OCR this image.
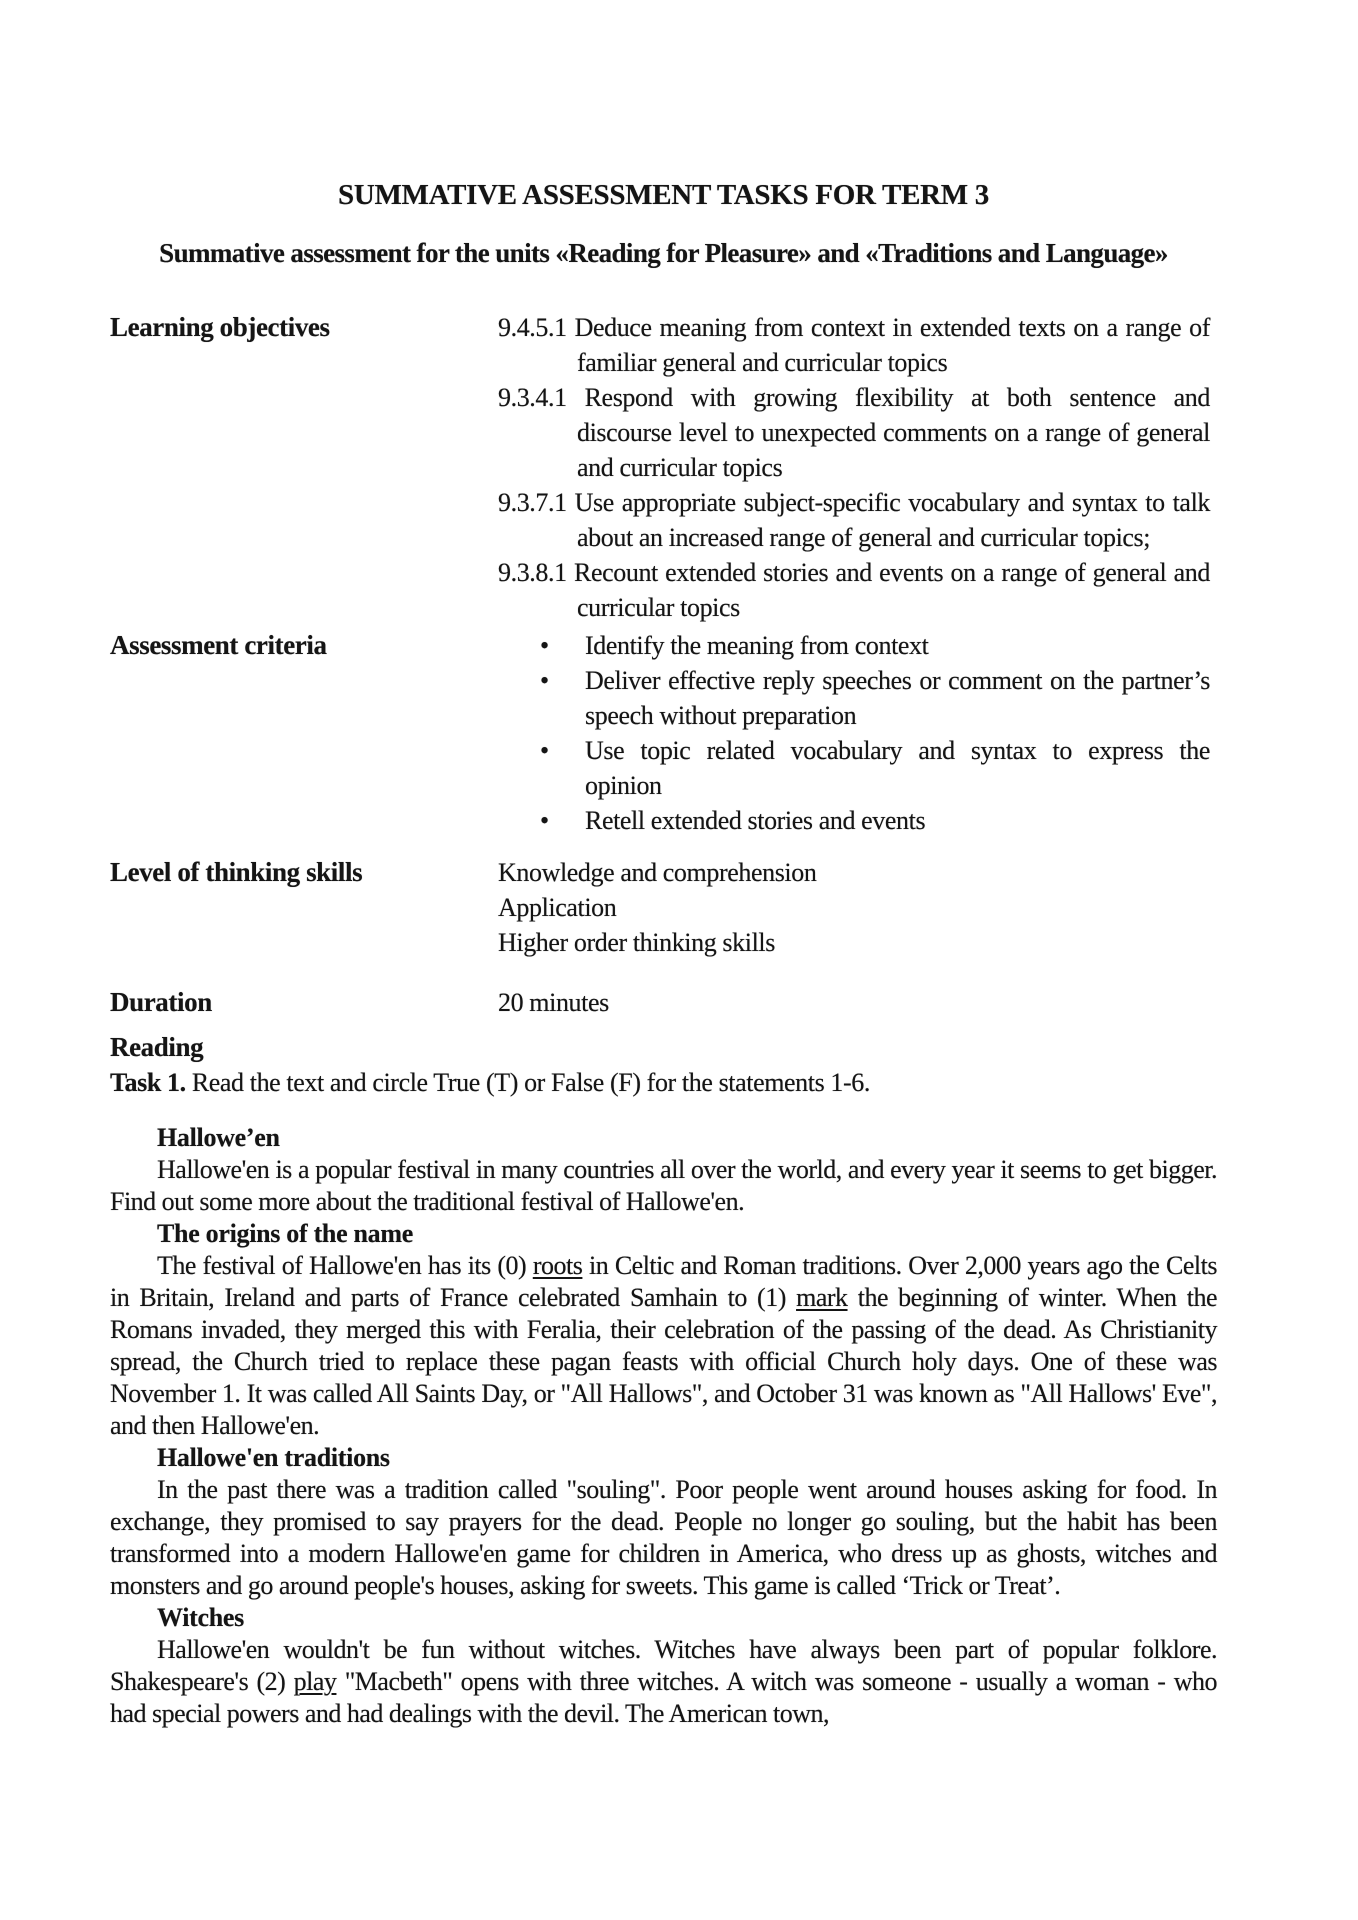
SUMMATIVE ASSESSMENT TASKS FOR TERM 3
Summative assessment for the units «Reading for Pleasure» and «Traditions and Language»
Learning objectives	9.4.5.1 Deduce meaning from context in extended texts on a range of familiar general and curricular topics

9.3.4.1 Respond with growing flexibility at both sentence and discourse level to unexpected comments on a range of general and curricular topics

9.3.7.1 Use appropriate subject-specific vocabulary and syntax to talk about an increased range of general and curricular topics;

9.3.8.1 Recount extended stories and events on a range of general and curricular topics

Assessment criteria	• Identify the meaning from context

• Deliver effective reply speeches or comment on the partner’s speech without preparation

• Use topic related vocabulary and syntax to express the opinion

• Retell extended stories and events

Level of thinking skills	Knowledge and comprehension

Application

Higher order thinking skills

Duration	20 minutes

Reading

Task 1. Read the text and circle True (T) or False (F) for the statements 1-6.

Hallowe’en

Hallowe'en is a popular festival in many countries all over the world, and every year it seems to get bigger. Find out some more about the traditional festival of Hallowe'en.

The origins of the name

The festival of Hallowe'en has its (0) roots in Celtic and Roman traditions. Over 2,000 years ago the Celts in Britain, Ireland and parts of France celebrated Samhain to (1) mark the beginning of winter. When the Romans invaded, they merged this with Feralia, their celebration of the passing of the dead. As Christianity spread, the Church tried to replace these pagan feasts with official Church holy days. One of these was November 1. It was called All Saints Day, or "All Hallows", and October 31 was known as "All Hallows' Eve", and then Hallowe'en.

Hallowe'en traditions

In the past there was a tradition called "souling". Poor people went around houses asking for food. In exchange, they promised to say prayers for the dead. People no longer go souling, but the habit has been transformed into a modern Hallowe'en game for children in America, who dress up as ghosts, witches and monsters and go around people's houses, asking for sweets. This game is called ‘Trick or Treat’.

Witches

Hallowe'en wouldn't be fun without witches. Witches have always been part of popular folklore. Shakespeare's (2) play "Macbeth" opens with three witches. A witch was someone - usually a woman - who had special powers and had dealings with the devil. The American town,
